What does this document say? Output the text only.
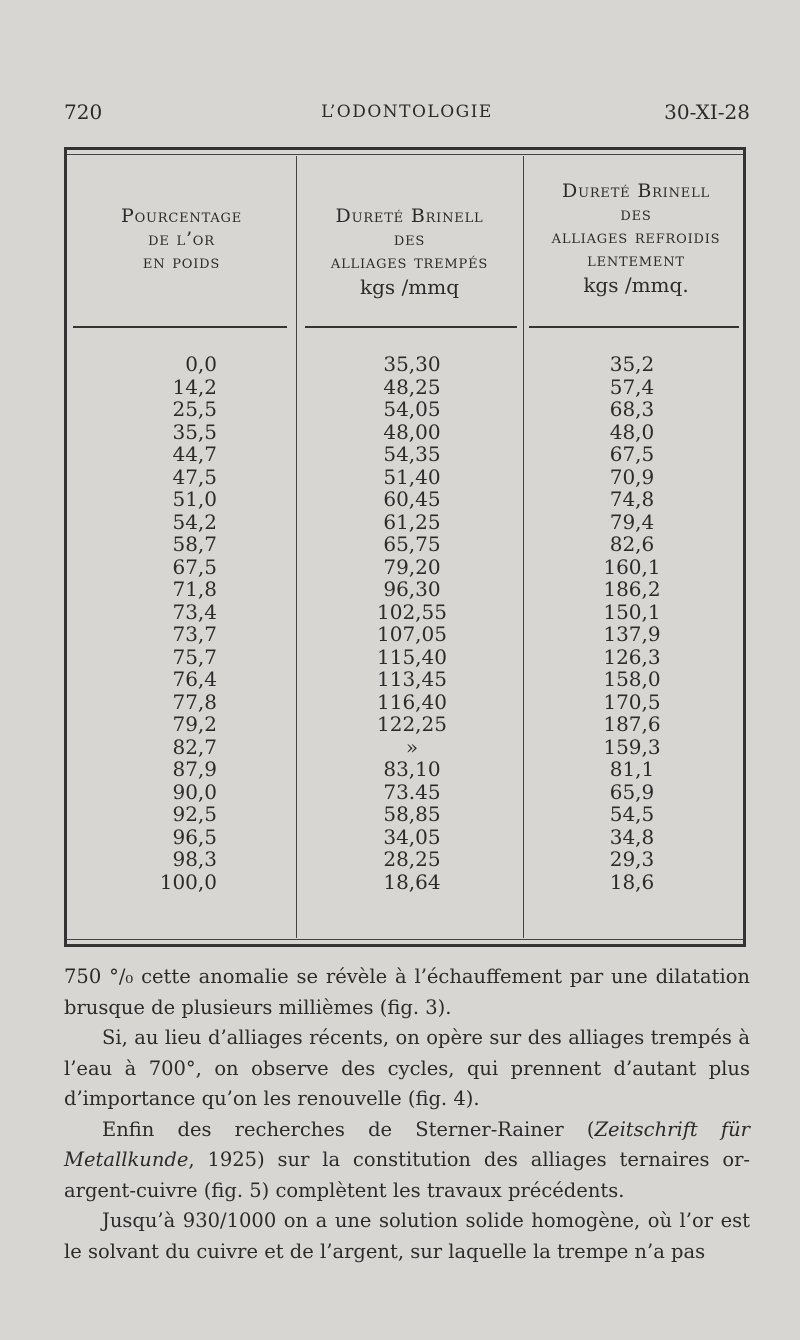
720	L’ODONTOLOGIE	30-XI-28
Pourcentage
de l’or
en poids
Dureté Brinell
des
alliages trempés
kgs /mmq
Dureté Brinell
des
alliages refroidis
lentement
kgs /mmq.
0,0
14,2
25,5
35,5
44,7
47,5
51,0
54,2
58,7
67,5
71,8
73,4
73,7
75,7
76,4
77,8
79,2
82,7
87,9
90,0
92,5
96,5
98,3
100,0
35,30
48,25
54,05
48,00
54,35
51,40
60,45
61,25
65,75
79,20
96,30
102,55
107,05
115,40
113,45
116,40
122,25
»
83,10
73.45
58,85
34,05
28,25
18,64
35,2
57,4
68,3
48,0
67,5
70,9
74,8
79,4
82,6
160,1
186,2
150,1
137,9
126,3
158,0
170,5
187,6
159,3
81,1
65,9
54,5
34,8
29,3
18,6

750 °/₀ cette anomalie se révèle à l’échauffement par une dilatation brusque de plusieurs millièmes (fig. 3).

Si, au lieu d’alliages récents, on opère sur des alliages trempés à l’eau à 700°, on observe des cycles, qui prennent d’autant plus d’importance qu’on les renouvelle (fig. 4).

Enfin des recherches de Sterner-Rainer (Zeitschrift für Metallkunde, 1925) sur la constitution des alliages ternaires or-argent-cuivre (fig. 5) complètent les travaux précédents.

Jusqu’à 930/1000 on a une solution solide homogène, où l’or est le solvant du cuivre et de l’argent, sur laquelle la trempe n’a pas
